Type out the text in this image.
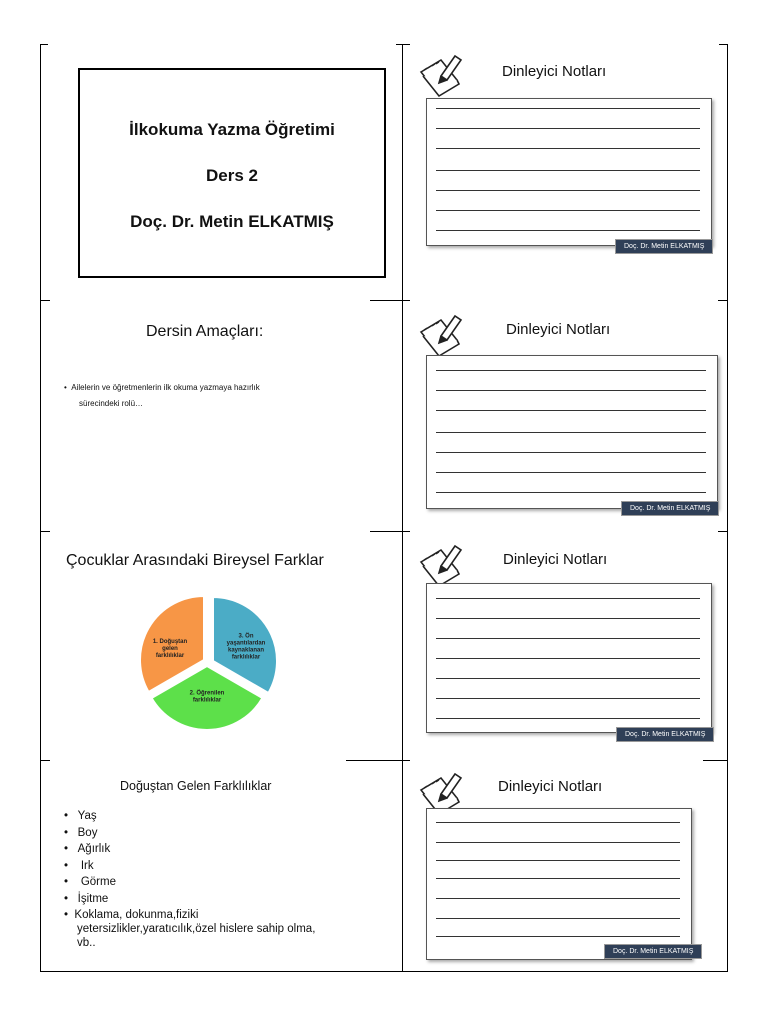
İlkokuma Yazma Öğretimi
Ders 2
Doç. Dr. Metin ELKATMIŞ
Dersin Amaçları:
•  Ailelerin ve öğretmenlerin ilk okuma yazmaya hazırlık
sürecindeki rolü…
Çocuklar Arasındaki Bireysel Farklar
1. Doğuştan gelen farklılıklar
2. Öğrenilen farklılıklar
3. Ön yaşantılardan kaynaklanan farklılıklar
Doğuştan Gelen Farklılıklar
• Yaş
• Boy
• Ağırlık
• Irk
• Görme
• İşitme
• Koklama, dokunma,fiziki
yetersizlikler,yaratıcılık,özel hislere sahip olma,
vb..
Dinleyici Notları
Doç. Dr. Metin ELKATMIŞ
Dinleyici Notları
Doç. Dr. Metin ELKATMIŞ
Dinleyici Notları
Doç. Dr. Metin ELKATMIŞ
Dinleyici Notları
Doç. Dr. Metin ELKATMIŞ
